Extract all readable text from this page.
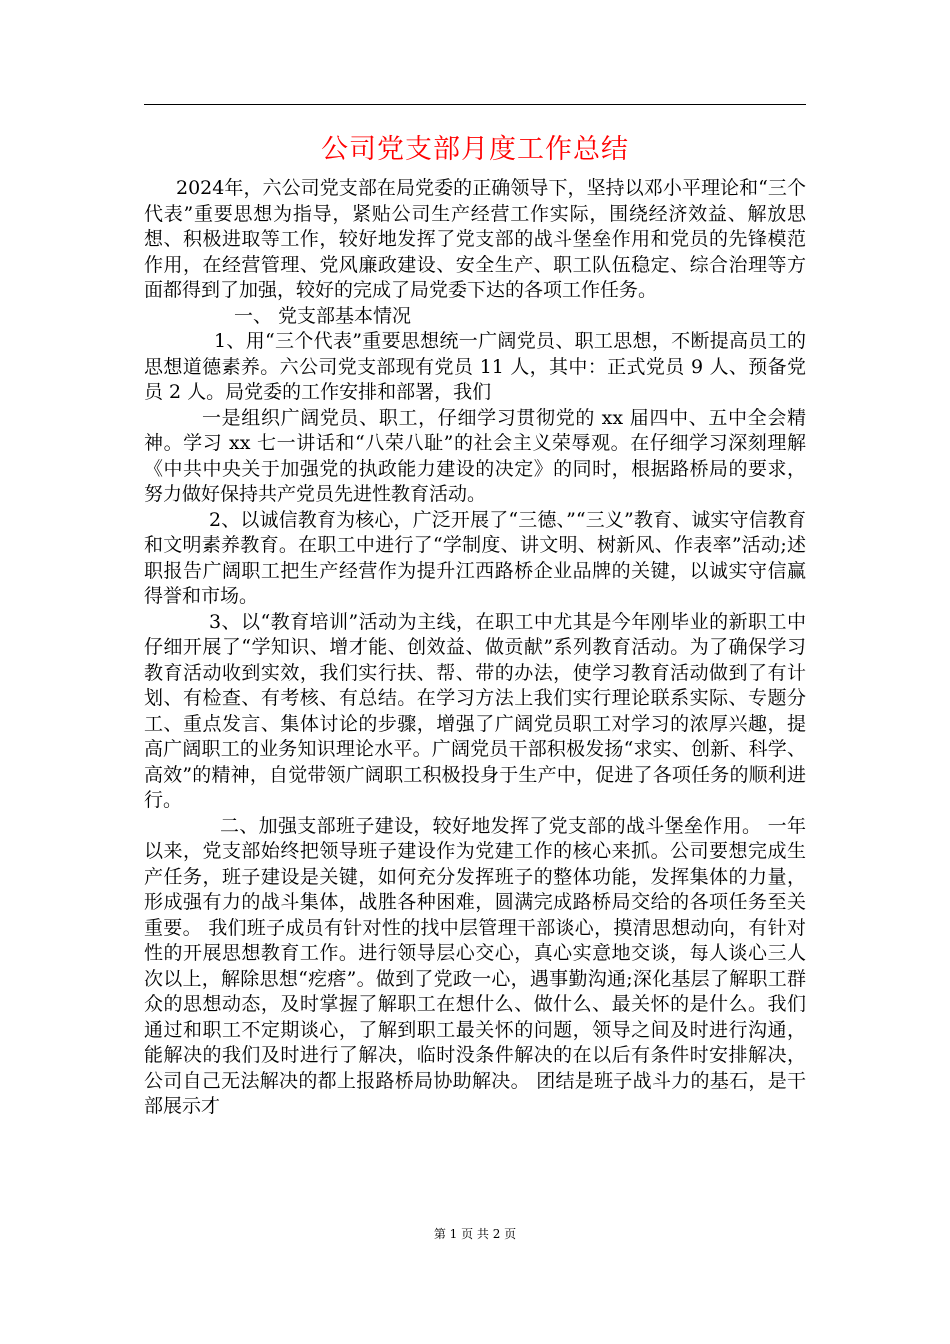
公司党支部月度工作总结

2024年，六公司党支部在局党委的正确领导下，坚持以邓小平理论和“三个代表”重要思想为指导，紧贴公司生产经营工作实际，围绕经济效益、解放思想、积极进取等工作，较好地发挥了党支部的战斗堡垒作用和党员的先锋模范作用，在经营管理、党风廉政建设、安全生产、职工队伍稳定、综合治理等方面都得到了加强，较好的完成了局党委下达的各项工作任务。

一、 党支部基本情况

1、用“三个代表”重要思想统一广阔党员、职工思想，不断提高员工的思想道德素养。六公司党支部现有党员 11 人，其中：正式党员 9 人、预备党员 2 人。局党委的工作安排和部署，我们

一是组织广阔党员、职工，仔细学习贯彻党的 xx 届四中、五中全会精神。学习 xx 七一讲话和“八荣八耻”的社会主义荣辱观。在仔细学习深刻理解《中共中央关于加强党的执政能力建设的决定》的同时，根据路桥局的要求，努力做好保持共产党员先进性教育活动。

2、以诚信教育为核心，广泛开展了“三德、”“三义”教育、诚实守信教育和文明素养教育。在职工中进行了“学制度、讲文明、树新风、作表率”活动;述职报告广阔职工把生产经营作为提升江西路桥企业品牌的关键，以诚实守信赢得誉和市场。

3、以“教育培训”活动为主线，在职工中尤其是今年刚毕业的新职工中仔细开展了“学知识、增才能、创效益、做贡献”系列教育活动。为了确保学习教育活动收到实效，我们实行扶、帮、带的办法，使学习教育活动做到了有计划、有检查、有考核、有总结。在学习方法上我们实行理论联系实际、专题分工、重点发言、集体讨论的步骤，增强了广阔党员职工对学习的浓厚兴趣，提高广阔职工的业务知识理论水平。广阔党员干部积极发扬“求实、创新、科学、高效”的精神，自觉带领广阔职工积极投身于生产中，促进了各项任务的顺利进行。

二、加强支部班子建设，较好地发挥了党支部的战斗堡垒作用。 一年以来，党支部始终把领导班子建设作为党建工作的核心来抓。公司要想完成生产任务，班子建设是关键，如何充分发挥班子的整体功能，发挥集体的力量，形成强有力的战斗集体，战胜各种困难，圆满完成路桥局交给的各项任务至关重要。 我们班子成员有针对性的找中层管理干部谈心，摸清思想动向，有针对性的开展思想教育工作。进行领导层心交心，真心实意地交谈，每人谈心三人次以上，解除思想“疙瘩”。做到了党政一心，遇事勤沟通;深化基层了解职工群众的思想动态，及时掌握了解职工在想什么、做什么、最关怀的是什么。我们通过和职工不定期谈心，了解到职工最关怀的问题，领导之间及时进行沟通，能解决的我们及时进行了解决，临时没条件解决的在以后有条件时安排解决，公司自己无法解决的都上报路桥局协助解决。 团结是班子战斗力的基石，是干部展示才

第 1 页 共 2 页
